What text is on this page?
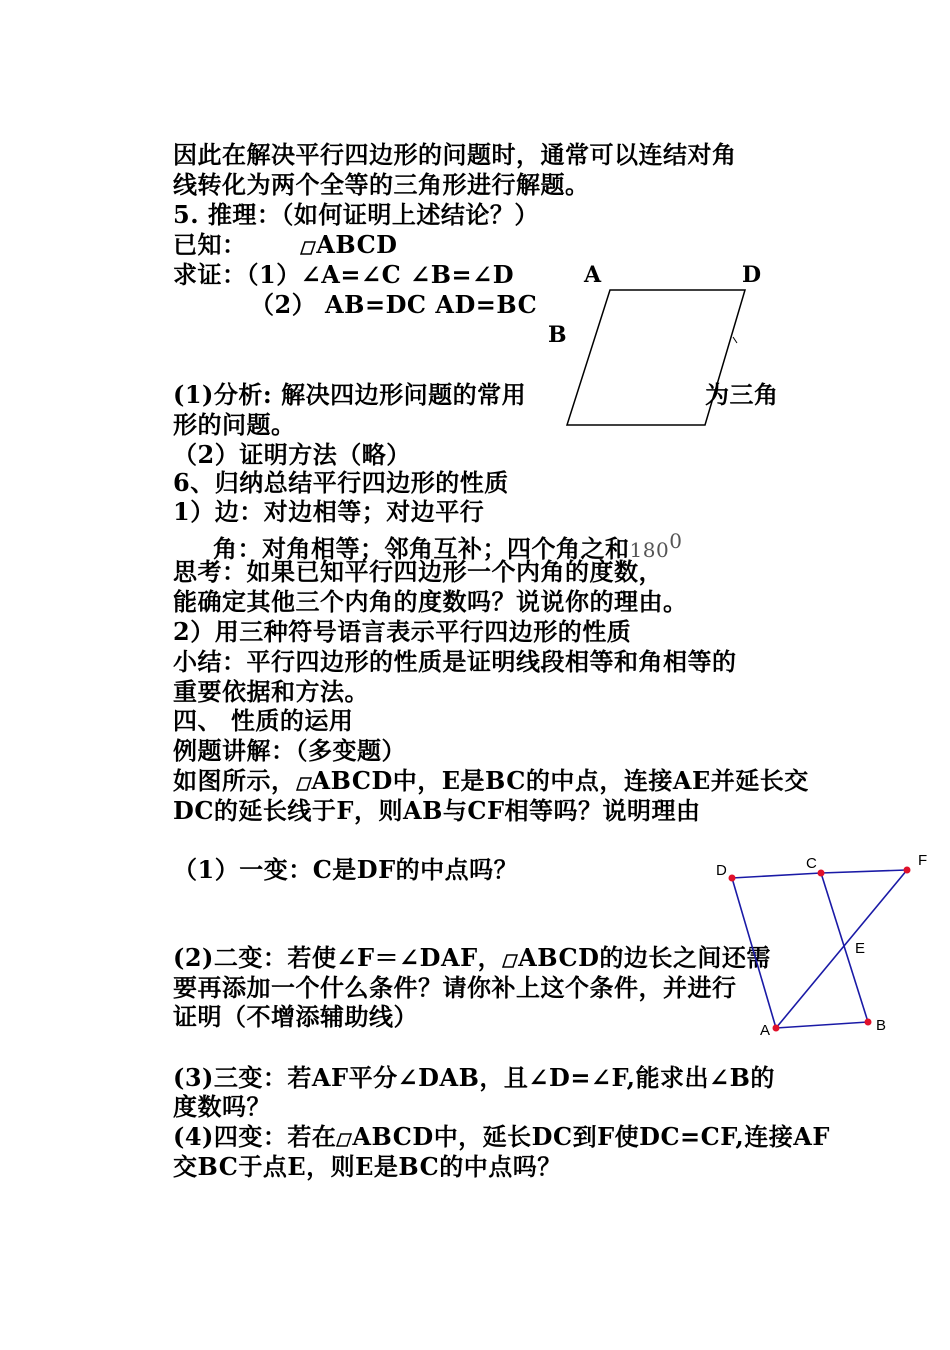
因此在解决平行四边形的问题时，通常可以连结对角
线转化为两个全等的三角形进行解题。
5. 推理：（如何证明上述结论？）
已知：	ABCD
求证：（1）∠A=∠C ∠B=∠D
（2） AB=DC AD=BC
A	D
B
(1)分析: 解决四边形问题的常用	为三角
形的问题。
（2）证明方法（略）
6、归纳总结平行四边形的性质
1）边：对边相等；对边平行
角：对角相等；邻角互补；四个角之和$180^0$
思考：如果已知平行四边形一个内角的度数，
能确定其他三个内角的度数吗？说说你的理由。
2）用三种符号语言表示平行四边形的性质
小结：平行四边形的性质是证明线段相等和角相等的
重要依据和方法。
四、 性质的运用
例题讲解：（多变题）
如图所示， ABCD中，E是BC的中点，连接AE并延长交
DC的延长线于F，则AB与CF相等吗？说明理由
（1）一变：C是DF的中点吗？
(2)二变：若使∠F＝∠DAF， ABCD的边长之间还需
要再添加一个什么条件？请你补上这个条件，并进行
证明（不增添辅助线）
(3)三变：若AF平分∠DAB，且∠D=∠F,能求出∠B的
度数吗？
(4)四变：若在 ABCD中，延长DC到F使DC=CF,连接AF
交BC于点E，则E是BC的中点吗？
D	C	F
E
A	B
